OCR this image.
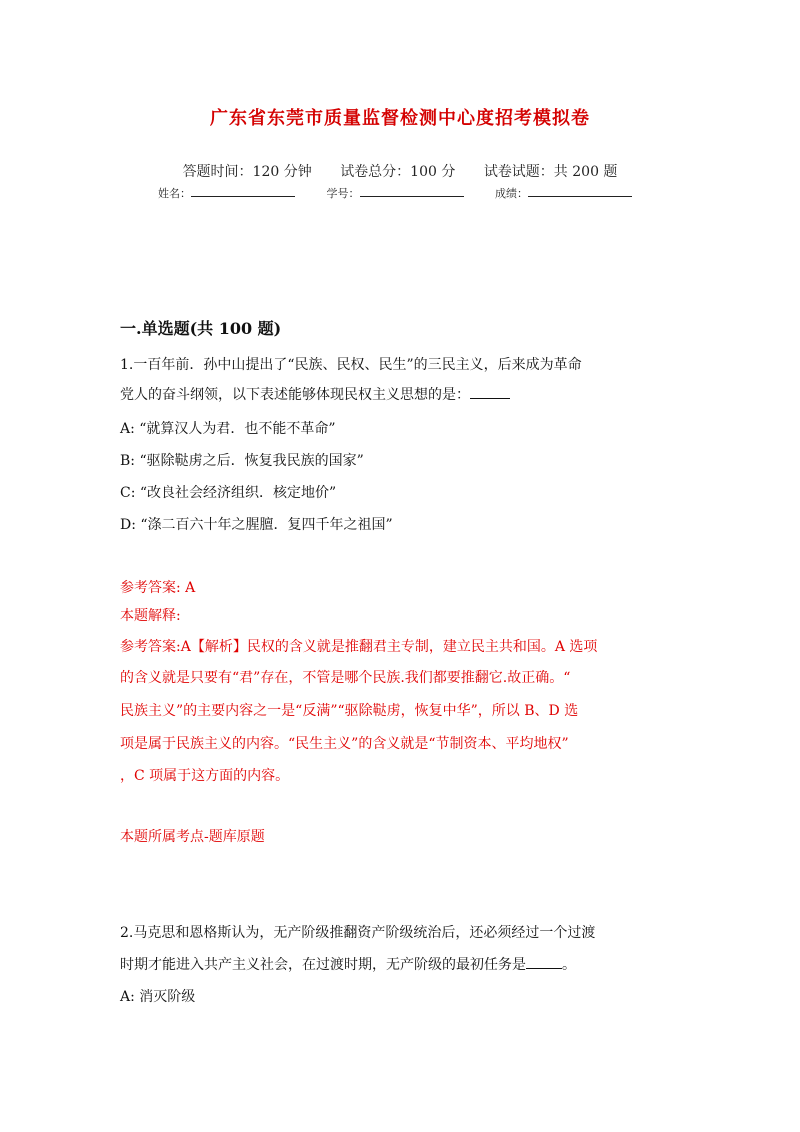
广东省东莞市质量监督检测中心度招考模拟卷
答题时间：120 分钟 试卷总分：100 分 试卷试题：共 200 题
姓名：	学号：	成绩：
一.单选题(共 100 题)
1.一百年前．孙中山提出了“民族、民权、民生”的三民主义，后来成为革命
党人的奋斗纲领，以下表述能够体现民权主义思想的是：
A: “就算汉人为君．也不能不革命”
B: “驱除鞑虏之后．恢复我民族的国家”
C: “改良社会经济组织．核定地价”
D: “涤二百六十年之腥膻．复四千年之祖国”
参考答案: A
本题解释:
参考答案:A【解析】民权的含义就是推翻君主专制，建立民主共和国。A 选项
的含义就是只要有“君”存在，不管是哪个民族.我们都要推翻它.故正确。“
民族主义”的主要内容之一是“反满”“驱除鞑虏，恢复中华”，所以 B、D 选
项是属于民族主义的内容。“民生主义”的含义就是“节制资本、平均地权”
，C 项属于这方面的内容。
本题所属考点-题库原题
2.马克思和恩格斯认为，无产阶级推翻资产阶级统治后，还必须经过一个过渡
时期才能进入共产主义社会，在过渡时期，无产阶级的最初任务是	。
A: 消灭阶级
